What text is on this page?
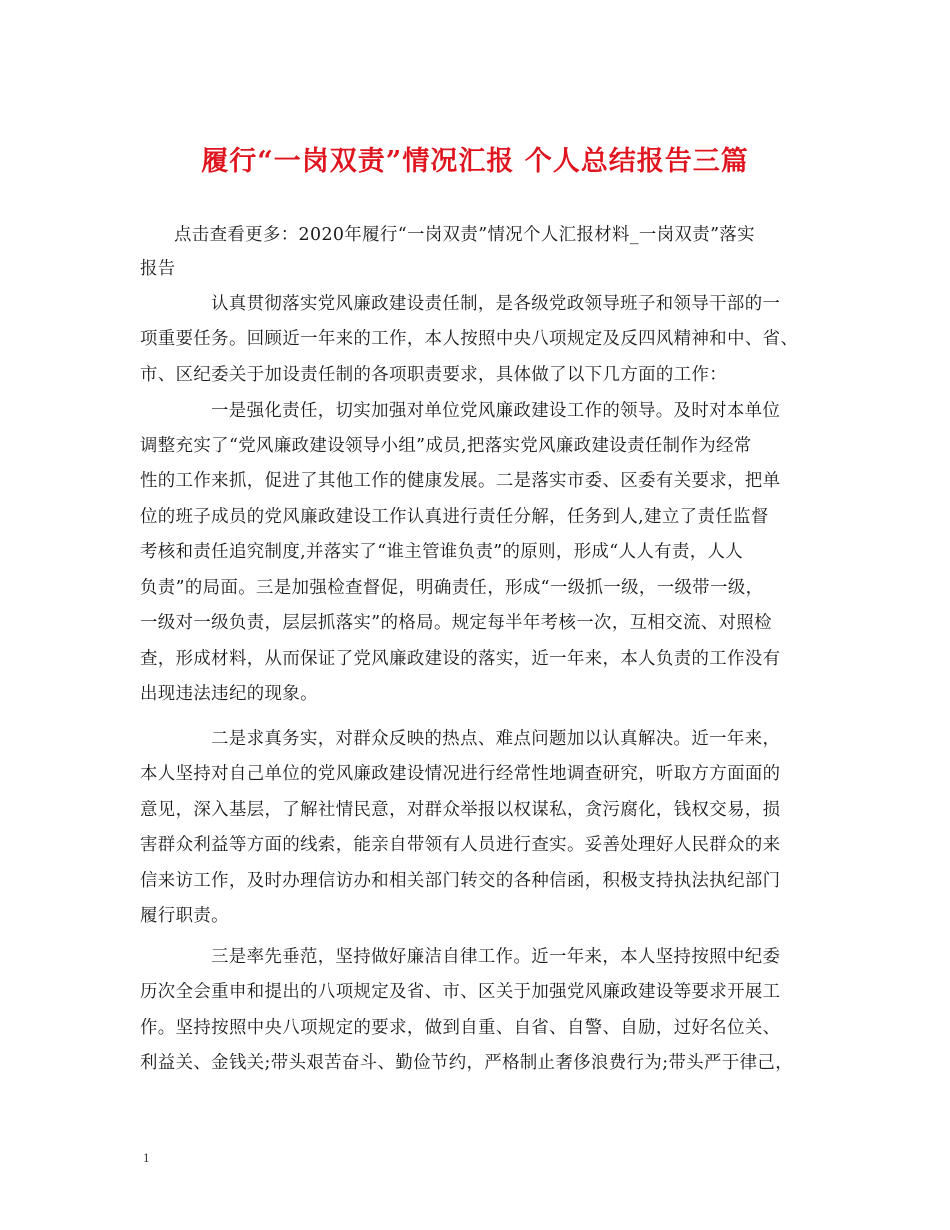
履行“一岗双责”情况汇报 个人总结报告三篇
点击查看更多：2020年履行“一岗双责”情况个人汇报材料_一岗双责”落实
报告
认真贯彻落实党风廉政建设责任制，是各级党政领导班子和领导干部的一
项重要任务。回顾近一年来的工作，本人按照中央八项规定及反四风精神和中、省、
市、区纪委关于加设责任制的各项职责要求，具体做了以下几方面的工作：
一是强化责任，切实加强对单位党风廉政建设工作的领导。及时对本单位
调整充实了“党风廉政建设领导小组”成员,把落实党风廉政建设责任制作为经常
性的工作来抓，促进了其他工作的健康发展。二是落实市委、区委有关要求，把单
位的班子成员的党风廉政建设工作认真进行责任分解，任务到人,建立了责任监督
考核和责任追究制度,并落实了“谁主管谁负责”的原则，形成“人人有责，人人
负责”的局面。三是加强检查督促，明确责任，形成“一级抓一级，一级带一级，
一级对一级负责，层层抓落实”的格局。规定每半年考核一次，互相交流、对照检
查，形成材料，从而保证了党风廉政建设的落实，近一年来，本人负责的工作没有
出现违法违纪的现象。
二是求真务实，对群众反映的热点、难点问题加以认真解决。近一年来，
本人坚持对自己单位的党风廉政建设情况进行经常性地调查研究，听取方方面面的
意见，深入基层，了解社情民意，对群众举报以权谋私，贪污腐化，钱权交易，损
害群众利益等方面的线索，能亲自带领有人员进行查实。妥善处理好人民群众的来
信来访工作，及时办理信访办和相关部门转交的各种信函，积极支持执法执纪部门
履行职责。
三是率先垂范，坚持做好廉洁自律工作。近一年来，本人坚持按照中纪委
历次全会重申和提出的八项规定及省、市、区关于加强党风廉政建设等要求开展工
作。坚持按照中央八项规定的要求，做到自重、自省、自警、自励，过好名位关、
利益关、金钱关;带头艰苦奋斗、勤俭节约，严格制止奢侈浪费行为;带头严于律己，
1
